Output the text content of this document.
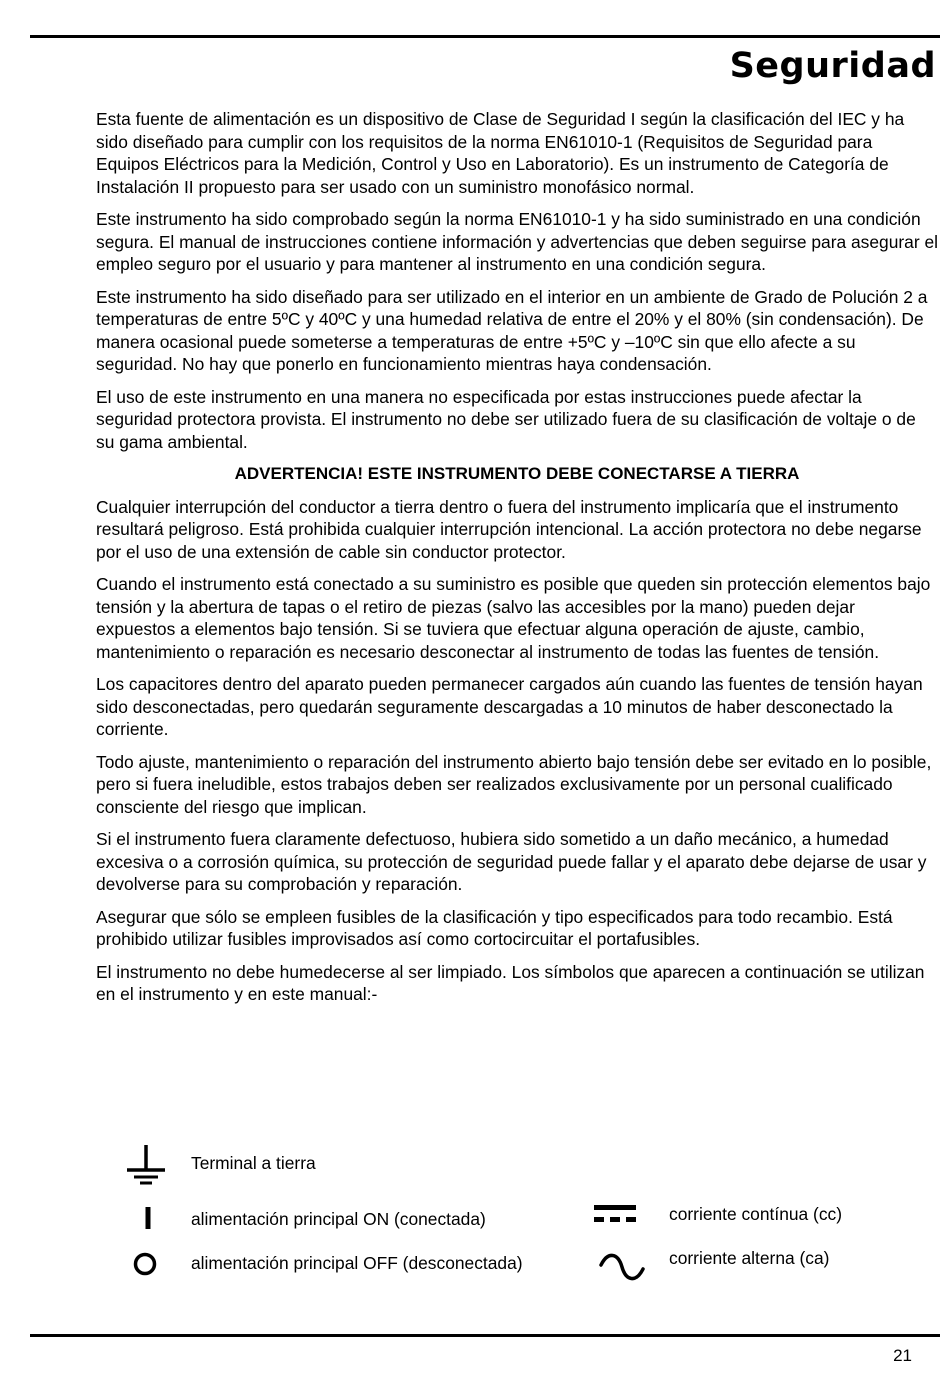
Seguridad

Esta fuente de alimentación es un dispositivo de Clase de Seguridad I según la clasificación del IEC y ha sido diseñado para cumplir con los requisitos de la norma EN61010-1 (Requisitos de Seguridad para Equipos Eléctricos para la Medición, Control y Uso en Laboratorio). Es un instrumento de Categoría de Instalación II propuesto para ser usado con un suministro monofásico normal.

Este instrumento ha sido comprobado según la norma EN61010-1 y ha sido suministrado en una condición segura. El manual de instrucciones contiene información y advertencias que deben seguirse para asegurar el empleo seguro por el usuario y para mantener al instrumento en una condición segura.

Este instrumento ha sido diseñado para ser utilizado en el interior en un ambiente de Grado de Polución 2 a temperaturas de entre 5ºC y 40ºC y una humedad relativa de entre el 20% y el 80% (sin condensación). De manera ocasional puede someterse a temperaturas de entre +5ºC y –10ºC sin que ello afecte a su seguridad. No hay que ponerlo en funcionamiento mientras haya condensación.

El uso de este instrumento en una manera no especificada por estas instrucciones puede afectar la seguridad protectora provista. El instrumento no debe ser utilizado fuera de su clasificación de voltaje o de su gama ambiental.

ADVERTENCIA! ESTE INSTRUMENTO DEBE CONECTARSE A TIERRA

Cualquier interrupción del conductor a tierra dentro o fuera del instrumento implicaría que el instrumento resultará peligroso. Está prohibida cualquier interrupción intencional. La acción protectora no debe negarse por el uso de una extensión de cable sin conductor protector.

Cuando el instrumento está conectado a su suministro es posible que queden sin protección elementos bajo tensión y la abertura de tapas o el retiro de piezas (salvo las accesibles por la mano) pueden dejar expuestos a elementos bajo tensión. Si se tuviera que efectuar alguna operación de ajuste, cambio, mantenimiento o reparación es necesario desconectar al instrumento de todas las fuentes de tensión.

Los capacitores dentro del aparato pueden permanecer cargados aún cuando las fuentes de tensión hayan sido desconectadas, pero quedarán seguramente descargadas a 10 minutos de haber desconectado la corriente.

Todo ajuste, mantenimiento o reparación del instrumento abierto bajo tensión debe ser evitado en lo posible, pero si fuera ineludible, estos trabajos deben ser realizados exclusivamente por un personal cualificado consciente del riesgo que implican.

Si el instrumento fuera claramente defectuoso, hubiera sido sometido a un daño mecánico, a humedad excesiva o a corrosión química, su protección de seguridad puede fallar y el aparato debe dejarse de usar y devolverse para su comprobación y reparación.

Asegurar que sólo se empleen fusibles de la clasificación y tipo especificados para todo recambio. Está prohibido utilizar fusibles improvisados así como cortocircuitar el portafusibles.

El instrumento no debe humedecerse al ser limpiado. Los símbolos que aparecen a continuación se utilizan en el instrumento y en este manual:-

Terminal a tierra
alimentación principal ON (conectada)
alimentación principal OFF (desconectada)
corriente contínua (cc)
corriente alterna (ca)
21
